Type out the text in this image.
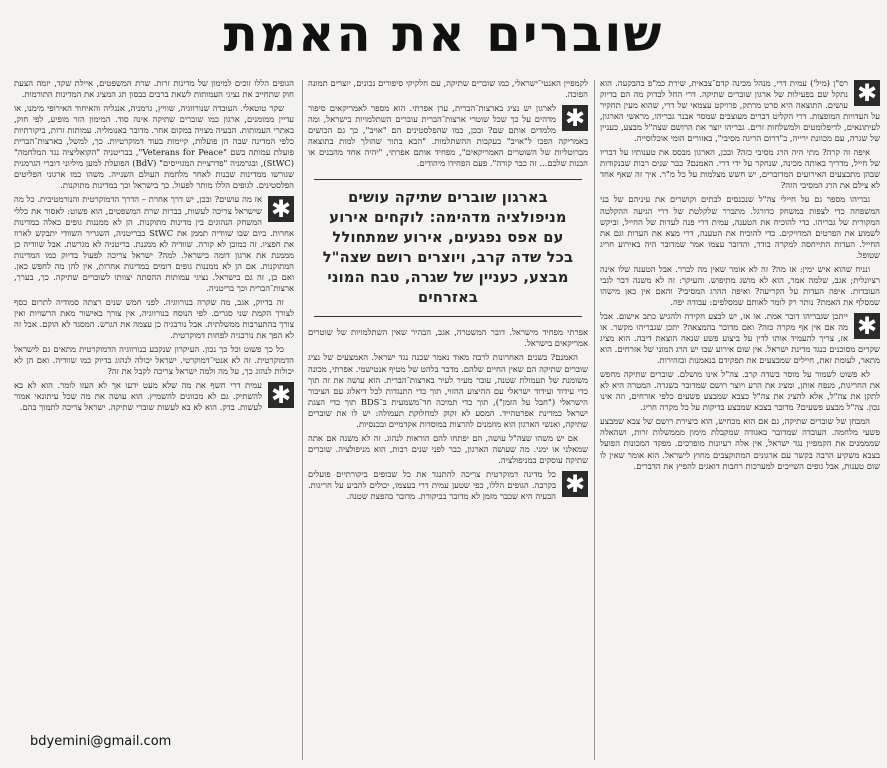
שוברים את האמת
✱

רס"ן (מיל') עמית דרי, מנהל מכינה קדם־צבאית, שירת כמ"פ בהבקעה. הוא נתקל שם בפעילות של ארגון שוברים שתיקה. דרי החל לבדוק מה הם בדיוק עושים. התוצאה היא סרט מרתק, פרויקט עצמאי של דרי, שהוא מעין תחקיר על העדויות המופצות. דרי הקליט דברים מעוצבים שמסר אבנר גבריהו, מראשי הארגון, לעיתונאים, לדיפלומטים ולמשלחות זרים. גבריהו יוצר את הרושם שצה"ל מבצע, כעניין של שגרה, עם מכוונת ירייה, ב"דרום הריגה מסיבי", באזורים הומי אוכלוסייה.

איפה זה קרה? מתי היה הרג מסיבי כזה? ובכן, הארגון מבסס את טענותיו על דבריו של חייל, מדריך באותה מכינה, שנחקר על ידי דרי. האמנם? כבר שנים רבות שבנקודות שבהן מתבצעים האירועים המדוברים, יש חשש מצלמות על כל מ"ר. איך זה שאף אחד לא צילם את הרג המסיבי הזה?

גבריהו מספר גם על חיילי צה"ל שנכנסים לבתים וקושרים את עיניהם של בני המשפחה כדי לצפות במשחק כדורגל. מתברר שלקלטת של דרי הגיעה ההקלטה המקורית של גבריהו. כדי להוכיח את הטענה, עמית דרי פנה לעדות של החייל, וביקש לשמוע את הפרטים המדויקים. כדי להוכיח את הטענה, דרי מצא את העדות וגם את החייל. העדות התייחסה למקרה בודד, והדובר עצמו אמר שמדובר היה באירוע חריג שטופל.

ונניח שהוא איש ימין: אז מה? זה לא אומר שאין מה לברר. אבל הטענה שלו אינה רציונלית; אגב, שלמה אמר, הוא לא מושג מתיפוש. והעיקר: זה לא משנה דבר לגבי העובדות. איפה העדות על הקריעה? ואיפה ההרג המסיבי? והאם אין כאן מישהו שמסלף את האמת? נותר רק לומר לאותם שמסלפים: עבודה יפה.

✱

ייתכן שגבריהו דובר אמת. או אז, יש לבצע חקירה ולהגיש כתב אישום. אבל מה אם אין אף מקרה כזה? ואם מדובר בהמצאה? יתכן שגבריהו מקשר. או אז, צריך להעמיד אותו לדין על ביצוע פשע שנאה הוצאת דיבה. הוא מציג שקרים מסוכנים כנגד מדינת ישראל. אין שום אירוע שבו יש הרג המוני של אזרחים. הוא מתאר, לעומת זאת, חיילים שמבצעים את תפקידם בנאמנות ובזהירות.

לא פשוט לשמור על מוסר בשדה קרב. צה"ל אינו מושלם. שוברים שתיקה מחפש את החריגות, מנפח אותן, ומציג את הרע ויוצר רושם שמדובר בשגרה. המטרה היא לא לתקן את צה"ל, אלא להציג את צה"ל כצבא שמבצע פשעים כלפי אזרחים, וזה אינו נכון. צה"ל מבצע פשעים? מדובר בצבא שמבצע בדיקות על כל מקרה חריג.

המבחן של שוברים שתיקה, גם אם הוא מכחיש, הוא ביצירת רושם של צבא שמבצע פשעי מלחמה. העובדה שמדובר באגודה שמקבלת מימון מממשלות זרות, ושהאלה שמממנים את הקמפיין נגד ישראל, אין אלה רעיונות מופרכים. מפקד המכונות הפועל בצבא משקיע הרבה בקשר עם ארגונים המתוקצבים מחוץ לישראל. הוא אומר שאין לו שום טענות, אבל גופים השייכים למערכות רחבות דואגים להפיץ את הדברים.

לקמפיין האנטי־ישראלי, כמו שוברים שתיקה, עם חלקיקי סיפורים נכונים, יוצרים תמונה הפוכה.

✱

לארגון יש נציג בארצות־הברית, ערן אפרתי. הוא מספר לאמריקאים סיפור מדהים על כך שכל שוטרי ארצות־הברית עוברים השתלמויות בישראל, ומה מלמדים אותם שם? ובכן, כמו שהפלסטינים הם "אויב", כך גם הכושים באמריקה הפכו ל"אויב" בעקבות ההשתלמות. "הבא בתור שהולך למות בתוצאה מברוטליות של השוטרים האמריקאים", מפחיד אותם אפרתי, "יהיה אחד מהבנים או הבנות שלכם... זה כבר קורה". פעם הפחידו מיהודים.

בארגון שוברים שתיקה עושים מניפולציה מדהימה: לוקחים אירוע עם אפס נפגעים, אירוע שמתחולל בכל שדה קרב, ויוצרים רושם שצה"ל מבצע, כעניין של שגרה, טבח המוני באזרחים

אפרתי מפחיד מישראל. דובר המשטרה, אגב, הבהיר שאין השתלמויות של שוטרים אמריקאים בישראל.

האמנם? בשנים האחרונות לרבה מאוד נאמר שכנה נגד ישראל. האמצעים של נציג שוברים שתיקה הם שאין החיים שלהם. מדבר בלהט של מטיף אנטישמי. אפרתי, מכונה משומנת של תעמולת שטנה, עובר מעיר לעיר בארצות־הברית. הוא עושה את זה תוך כדי עידוד ועידוד ישראלי עם ההיצוע ההזוי, תוך כדי התנגדות לכל דיאלוג עם הציבור הישראלי ("חבל על הזמן"), תוך כדי תמיכה חד־משמעית ב־BDS תוך כדי הצגת ישראל כמדינת אפרטהייד. המסע לא זקוק למחלוקת תעמולה: יש לו את שוברים שתיקה, ואנשי הארגון הוא מוזמנים להרצות במוסדות אקדמיים ובכנסיות.

אם יש משהו שצה"ל עושה, הם יפתחו להם הוראות לנהוג. זה לא משנה אם אתה שמאלני או ימני. מה שעושה הארגון, כבר לפני שנים רבות, הוא מניפולציה. שוברים שתיקה עוסקים במניפולציה.

✱

כל מדינה דמוקרטית צריכה להתנגד את כל שבופים ביקורתיים פועלים בקרבה. הגופים הללו, כפי שטען עמית דרי בעצמו, יכולים להביע על חריגות. הבעיה היא שכבר מזמן לא מדובר בביקורת. מדובר בהפצת שטנה.

הגופים הללו זוכים למימון של מדינות זרות. שרת המשפטים, איילת שקד, יזמה הצעת חוק שתחייב את נציגי העמותות לשאת ברבים כבסון תג המציג את המדינות התורמות.

שקר טוטאלי. העובדה שנורווגיה, שוויץ, גרמניה, אנגליה והאיחוד האירופי מימנו, או עדיין ממומנים, ארגון כמו שוברים שתיקה אינה סוד. המימון הזר מופיע, לפי חוק, באתרי העמותות. הבעיה מצויה במקום אחר. מדובר באנומליה. עמותות זרות, ביקורתיות כלפי המדינה שבה הן פועלות, קיימות בעוד דמוקרטיות. כך, למשל, בארצות־הברית פועלת עמותה בשם "Veterans for Peace", בבריטניה "הקואליציה נגד המלחמה" (StWC), ובגרמניה "פדרציית המגוייסים" (BdV) הפועלת למען מיליוני דוברי הגרמנית שגורשו ממדינות שכנות לאחר מלחמת העולם השנייה. משהו כמו ארגוני הפליטים הפלסטינים. לגופים הללו מותר לפעול. כך בישראל וכך במדינות מתוקנות.

✱

אז מה עושים? ובכן, יש דרך אחרת – הדרך הדמוקרטית והנורמטיבית. כל מה שישראל צריכה לעשות, בברות שרת המשפטים, הוא פשוט: לאסור את כללי המשחק הנהוגים בין מדינות מתוקנות. הן לא ממננות גופים כאלה במדינות אחרות. ביום שבו שוודיה תממן את StWC בבריטניה, השגריר השוודי יתבקש לארוז את חפציו. זה כמובן לא קורה. שוודיה לא ממננת. בריטניה לא מגרשת. אבל שוודיה כן מממנת את ארגון דומה בישראל. למה? ישראל צריכה לפעול בדיוק כמו המדינות המתוקנות. אם הן לא ממננות גופים דומים במדינות אחרות, אין להן מה לחפש כאן. ואם כן, זה גם בישראל. נציגי עמותות ההסתה יצוותו לשוברים שתיקה. כך, בערך, ארצות־הברית וכך בריטניה.

זה בדיוק, אגב, מה שקרה בנורווגיה. לפני חמש שנים רצתה סמודיה לתרום כסף לצורך הקמת שני סגרים. לפי הנוסח בנורווגיה, אין צורך באישור מאת הרשויות ואין צורך בהתערבות ממשלתית. אבל נורבגיה כן עצמה את הגרש. המסגד לא הוקם. אבל זה לא הפך את נורבגיה לפחות דמוקרטית.

כל כך פשוט וכל כך נכון. העיקרון שנקבע בנורווגיה הדמוקרטית מתאים גם לישראל הדמוקרטית. זה לא אנטי־דמוקרטי. ישראל יכולה לנהוג בדיוק כמו שוודיה. ואם הן לא יכולות לנהוג כך, על מה ולמה ישראל צריכה לקבל את זה?

✱

עמית דרי חשף את מה שלא מעט ידעו אך לא העזו לומר. הוא לא בא להשתיק. גם לא מכוונים להשמיץ. הוא עושה את מה שכל עיתונאי אמור לעשות. בדק. הוא לא בא לעשות שוברי שתיקה. ישראל צריכה לתמוך בהם.

bdyemini@gmail.com
